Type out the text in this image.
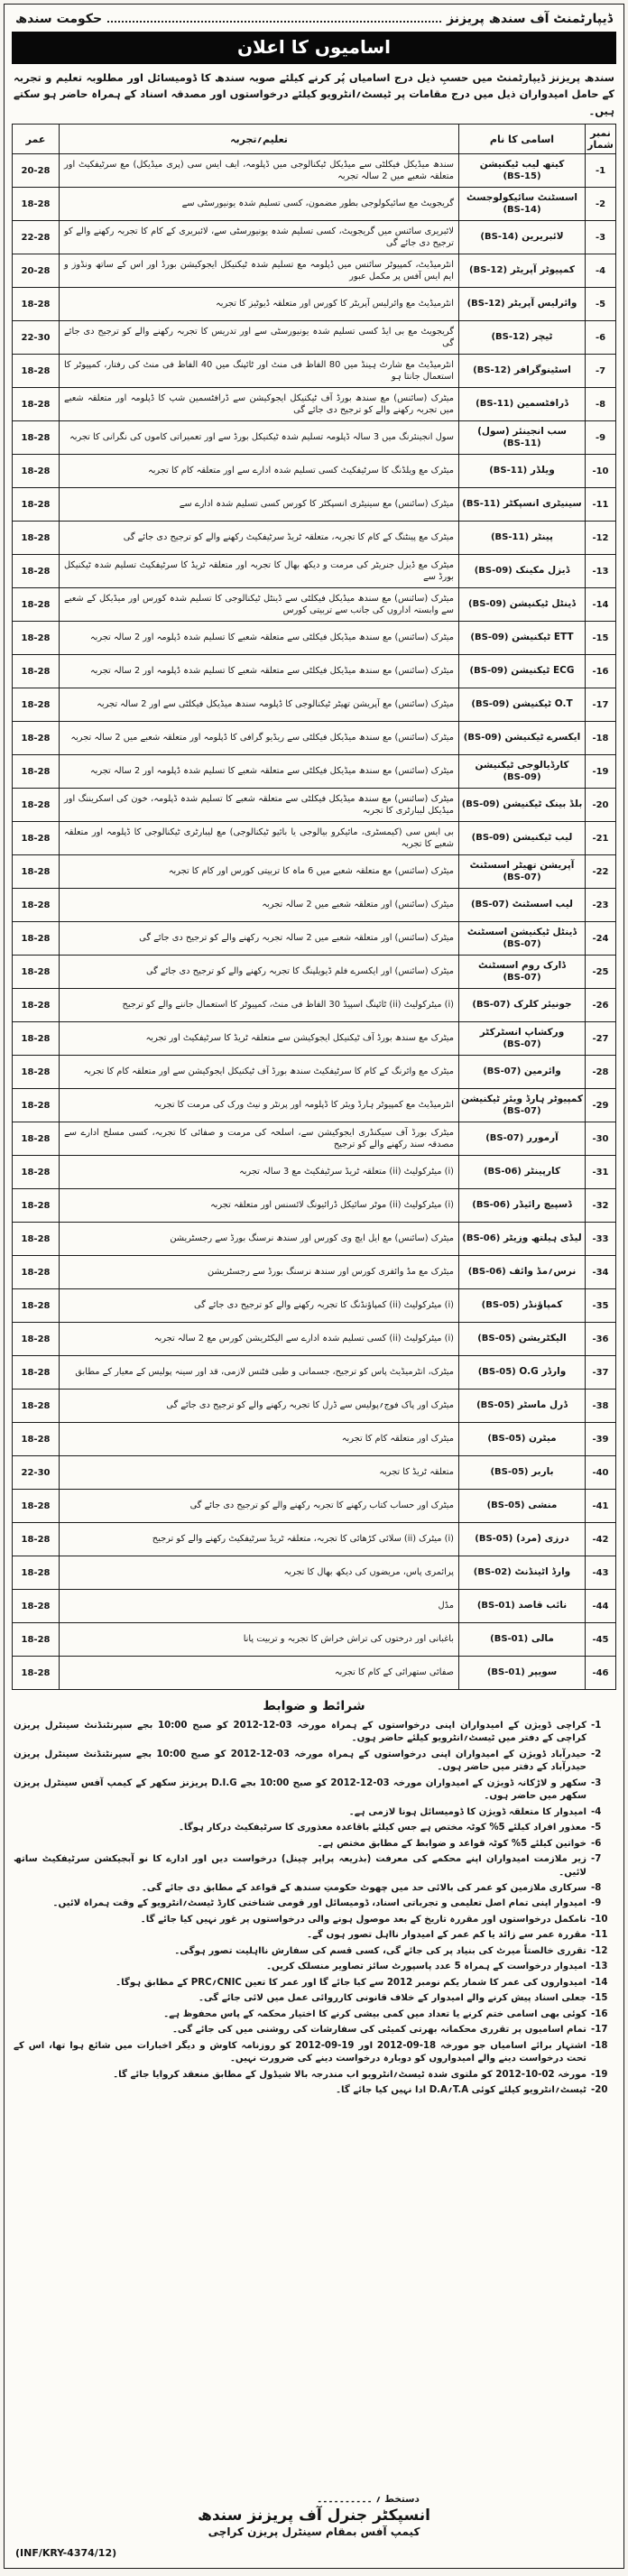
ڈیپارٹمنٹ آف سندھ پریزنز
حکومت سندھ
اسامیوں کا اعلان
سندھ پریزنز ڈیپارٹمنٹ میں حسبِ ذیل درج اسامیاں پُر کرنے کیلئے صوبہ سندھ کا ڈومیسائل اور مطلوبہ تعلیم و تجربہ کے حامل امیدواران ذیل میں درج مقامات پر ٹیسٹ؍انٹرویو کیلئے درخواستوں اور مصدقہ اسناد کے ہمراہ حاضر ہو سکتے ہیں۔
نمبر شمار	اسامی کا نام	تعلیم؍تجربہ	عمر
-1	کیتھ لیب ٹیکنیشن (BS-15)	سندھ میڈیکل فیکلٹی سے میڈیکل ٹیکنالوجی میں ڈپلومہ، ایف ایس سی (پری میڈیکل) مع سرٹیفکیٹ اور متعلقہ شعبے میں 2 سالہ تجربہ	20-28
-2	اسسٹنٹ سائیکولوجسٹ (BS-14)	گریجویٹ مع سائیکولوجی بطور مضمون، کسی تسلیم شدہ یونیورسٹی سے	18-28
-3	لائبریرین (BS-14)	لائبریری سائنس میں گریجویٹ، کسی تسلیم شدہ یونیورسٹی سے، لائبریری کے کام کا تجربہ رکھنے والے کو ترجیح دی جائے گی	22-28
-4	کمپیوٹر آپریٹر (BS-12)	انٹرمیڈیٹ، کمپیوٹر سائنس میں ڈپلومہ مع تسلیم شدہ ٹیکنیکل ایجوکیشن بورڈ اور اس کے ساتھ ونڈوز و ایم ایس آفس پر مکمل عبور	20-28
-5	وائرلیس آپریٹر (BS-12)	انٹرمیڈیٹ مع وائرلیس آپریٹر کا کورس اور متعلقہ ڈیوٹیز کا تجربہ	18-28
-6	ٹیچر (BS-12)	گریجویٹ مع بی ایڈ کسی تسلیم شدہ یونیورسٹی سے اور تدریس کا تجربہ رکھنے والے کو ترجیح دی جائے گی	22-30
-7	اسٹینوگرافر (BS-12)	انٹرمیڈیٹ مع شارٹ ہینڈ میں 80 الفاظ فی منٹ اور ٹائپنگ میں 40 الفاظ فی منٹ کی رفتار، کمپیوٹر کا استعمال جانتا ہو	18-28
-8	ڈرافٹسمین (BS-11)	میٹرک (سائنس) مع سندھ بورڈ آف ٹیکنیکل ایجوکیشن سے ڈرافٹسمین شپ کا ڈپلومہ اور متعلقہ شعبے میں تجربہ رکھنے والے کو ترجیح دی جائے گی	18-28
-9	سب انجینئر (سول) (BS-11)	سول انجینئرنگ میں 3 سالہ ڈپلومہ تسلیم شدہ ٹیکنیکل بورڈ سے اور تعمیراتی کاموں کی نگرانی کا تجربہ	18-28
-10	ویلڈر (BS-11)	میٹرک مع ویلڈنگ کا سرٹیفکیٹ کسی تسلیم شدہ ادارے سے اور متعلقہ کام کا تجربہ	18-28
-11	سینیٹری انسپکٹر (BS-11)	میٹرک (سائنس) مع سینیٹری انسپکٹر کا کورس کسی تسلیم شدہ ادارے سے	18-28
-12	پینٹر (BS-11)	میٹرک مع پینٹنگ کے کام کا تجربہ، متعلقہ ٹریڈ سرٹیفکیٹ رکھنے والے کو ترجیح دی جائے گی	18-28
-13	ڈیزل مکینک (BS-09)	میٹرک مع ڈیزل جنریٹر کی مرمت و دیکھ بھال کا تجربہ اور متعلقہ ٹریڈ کا سرٹیفکیٹ تسلیم شدہ ٹیکنیکل بورڈ سے	18-28
-14	ڈینٹل ٹیکنیشن (BS-09)	میٹرک (سائنس) مع سندھ میڈیکل فیکلٹی سے ڈینٹل ٹیکنالوجی کا تسلیم شدہ کورس اور میڈیکل کے شعبے سے وابستہ اداروں کی جانب سے تربیتی کورس	18-28
-15	ETT ٹیکنیشن (BS-09)	میٹرک (سائنس) مع سندھ میڈیکل فیکلٹی سے متعلقہ شعبے کا تسلیم شدہ ڈپلومہ اور 2 سالہ تجربہ	18-28
-16	ECG ٹیکنیشن (BS-09)	میٹرک (سائنس) مع سندھ میڈیکل فیکلٹی سے متعلقہ شعبے کا تسلیم شدہ ڈپلومہ اور 2 سالہ تجربہ	18-28
-17	O.T ٹیکنیشن (BS-09)	میٹرک (سائنس) مع آپریشن تھیٹر ٹیکنالوجی کا ڈپلومہ سندھ میڈیکل فیکلٹی سے اور 2 سالہ تجربہ	18-28
-18	ایکسرے ٹیکنیشن (BS-09)	میٹرک (سائنس) مع سندھ میڈیکل فیکلٹی سے ریڈیو گرافی کا ڈپلومہ اور متعلقہ شعبے میں 2 سالہ تجربہ	18-28
-19	کارڈیالوجی ٹیکنیشن (BS-09)	میٹرک (سائنس) مع سندھ میڈیکل فیکلٹی سے متعلقہ شعبے کا تسلیم شدہ ڈپلومہ اور 2 سالہ تجربہ	18-28
-20	بلڈ بینک ٹیکنیشن (BS-09)	میٹرک (سائنس) مع سندھ میڈیکل فیکلٹی سے متعلقہ شعبے کا تسلیم شدہ ڈپلومہ، خون کی اسکریننگ اور میڈیکل لیبارٹری کا تجربہ	18-28
-21	لیب ٹیکنیشن (BS-09)	بی ایس سی (کیمسٹری، مائیکرو بیالوجی یا بائیو ٹیکنالوجی) مع لیبارٹری ٹیکنالوجی کا ڈپلومہ اور متعلقہ شعبے کا تجربہ	18-28
-22	آپریشن تھیٹر اسسٹنٹ (BS-07)	میٹرک (سائنس) مع متعلقہ شعبے میں 6 ماہ کا تربیتی کورس اور کام کا تجربہ	18-28
-23	لیب اسسٹنٹ (BS-07)	میٹرک (سائنس) اور متعلقہ شعبے میں 2 سالہ تجربہ	18-28
-24	ڈینٹل ٹیکنیشن اسسٹنٹ (BS-07)	میٹرک (سائنس) اور متعلقہ شعبے میں 2 سالہ تجربہ رکھنے والے کو ترجیح دی جائے گی	18-28
-25	ڈارک روم اسسٹنٹ (BS-07)	میٹرک (سائنس) اور ایکسرے فلم ڈیویلپنگ کا تجربہ رکھنے والے کو ترجیح دی جائے گی	18-28
-26	جونیئر کلرک (BS-07)	(i) میٹرکولیٹ (ii) ٹائپنگ اسپیڈ 30 الفاظ فی منٹ، کمپیوٹر کا استعمال جاننے والے کو ترجیح	18-28
-27	ورکشاپ انسٹرکٹر (BS-07)	میٹرک مع سندھ بورڈ آف ٹیکنیکل ایجوکیشن سے متعلقہ ٹریڈ کا سرٹیفکیٹ اور تجربہ	18-28
-28	وائرمین (BS-07)	میٹرک مع وائرنگ کے کام کا سرٹیفکیٹ سندھ بورڈ آف ٹیکنیکل ایجوکیشن سے اور متعلقہ کام کا تجربہ	18-28
-29	کمپیوٹر ہارڈ ویئر ٹیکنیشن (BS-07)	انٹرمیڈیٹ مع کمپیوٹر ہارڈ ویئر کا ڈپلومہ اور پرنٹر و نیٹ ورک کی مرمت کا تجربہ	18-28
-30	آرمورر (BS-07)	میٹرک بورڈ آف سیکنڈری ایجوکیشن سے، اسلحہ کی مرمت و صفائی کا تجربہ، کسی مسلح ادارے سے مصدقہ سند رکھنے والے کو ترجیح	18-28
-31	کارپینٹر (BS-06)	(i) میٹرکولیٹ (ii) متعلقہ ٹریڈ سرٹیفکیٹ مع 3 سالہ تجربہ	18-28
-32	ڈسپیچ رائیڈر (BS-06)	(i) میٹرکولیٹ (ii) موٹر سائیکل ڈرائیونگ لائسنس اور متعلقہ تجربہ	18-28
-33	لیڈی ہیلتھ وزیٹر (BS-06)	میٹرک (سائنس) مع ایل ایچ وی کورس اور سندھ نرسنگ بورڈ سے رجسٹریشن	18-28
-34	نرس؍مڈ وائف (BS-06)	میٹرک مع مڈ وائفری کورس اور سندھ نرسنگ بورڈ سے رجسٹریشن	18-28
-35	کمپاؤنڈر (BS-05)	(i) میٹرکولیٹ (ii) کمپاؤنڈنگ کا تجربہ رکھنے والے کو ترجیح دی جائے گی	18-28
-36	الیکٹریشن (BS-05)	(i) میٹرکولیٹ (ii) کسی تسلیم شدہ ادارے سے الیکٹریشن کورس مع 2 سالہ تجربہ	18-28
-37	وارڈر O.G (BS-05)	میٹرک، انٹرمیڈیٹ پاس کو ترجیح، جسمانی و طبی فٹنس لازمی، قد اور سینہ پولیس کے معیار کے مطابق	18-28
-38	ڈرل ماسٹر (BS-05)	میٹرک اور پاک فوج؍پولیس سے ڈرل کا تجربہ رکھنے والے کو ترجیح دی جائے گی	18-28
-39	میٹرن (BS-05)	میٹرک اور متعلقہ کام کا تجربہ	18-28
-40	باربر (BS-05)	متعلقہ ٹریڈ کا تجربہ	22-30
-41	منشی (BS-05)	میٹرک اور حساب کتاب رکھنے کا تجربہ رکھنے والے کو ترجیح دی جائے گی	18-28
-42	درزی (مرد) (BS-05)	(i) میٹرک (ii) سلائی کڑھائی کا تجربہ، متعلقہ ٹریڈ سرٹیفکیٹ رکھنے والے کو ترجیح	18-28
-43	وارڈ اٹینڈنٹ (BS-02)	پرائمری پاس، مریضوں کی دیکھ بھال کا تجربہ	18-28
-44	نائب قاصد (BS-01)	مڈل	18-28
-45	مالی (BS-01)	باغبانی اور درختوں کی تراش خراش کا تجربہ و تربیت پانا	18-28
-46	سویپر (BS-01)	صفائی ستھرائی کے کام کا تجربہ	18-28
شرائط و ضوابط
-1
کراچی ڈویژن کے امیدواران اپنی درخواستوں کے ہمراہ مورخہ 03-12-2012 کو صبح 10:00 بجے سپرنٹنڈنٹ سینٹرل پریزن کراچی کے دفتر میں ٹیسٹ؍انٹرویو کیلئے حاضر ہوں۔
-2
حیدرآباد ڈویژن کے امیدواران اپنی درخواستوں کے ہمراہ مورخہ 03-12-2012 کو صبح 10:00 بجے سپرنٹنڈنٹ سینٹرل پریزن حیدرآباد کے دفتر میں حاضر ہوں۔
-3
سکھر و لاڑکانہ ڈویژن کے امیدواران مورخہ 03-12-2012 کو صبح 10:00 بجے D.I.G پریزنز سکھر کے کیمپ آفس سینٹرل پریزن سکھر میں حاضر ہوں۔
-4
امیدوار کا متعلقہ ڈویژن کا ڈومیسائل ہونا لازمی ہے۔
-5
معذور افراد کیلئے 5% کوٹہ مختص ہے جس کیلئے باقاعدہ معذوری کا سرٹیفکیٹ درکار ہوگا۔
-6
خواتین کیلئے 5% کوٹہ قواعد و ضوابط کے مطابق مختص ہے۔
-7
زیر ملازمت امیدواران اپنے محکمے کی معرفت (بذریعہ پراپر چینل) درخواست دیں اور ادارے کا نو آبجیکشن سرٹیفکیٹ ساتھ لائیں۔
-8
سرکاری ملازمین کو عمر کی بالائی حد میں چھوٹ حکومتِ سندھ کے قواعد کے مطابق دی جائے گی۔
-9
امیدوار اپنی تمام اصل تعلیمی و تجرباتی اسناد، ڈومیسائل اور قومی شناختی کارڈ ٹیسٹ؍انٹرویو کے وقت ہمراہ لائیں۔
-10
نامکمل درخواستوں اور مقررہ تاریخ کے بعد موصول ہونے والی درخواستوں پر غور نہیں کیا جائے گا۔
-11
مقررہ عمر سے زائد یا کم عمر کے امیدوار نااہل تصور ہوں گے۔
-12
تقرری خالصتاً میرٹ کی بنیاد پر کی جائے گی، کسی قسم کی سفارش نااہلیت تصور ہوگی۔
-13
امیدوار درخواست کے ہمراہ 5 عدد پاسپورٹ سائز تصاویر منسلک کریں۔
-14
امیدواروں کی عمر کا شمار یکم نومبر 2012 سے کیا جائے گا اور عمر کا تعین CNIC؍PRC کے مطابق ہوگا۔
-15
جعلی اسناد پیش کرنے والے امیدوار کے خلاف قانونی کارروائی عمل میں لائی جائے گی۔
-16
کوئی بھی اسامی ختم کرنے یا تعداد میں کمی بیشی کرنے کا اختیار محکمہ کے پاس محفوظ ہے۔
-17
تمام اسامیوں پر تقرری محکمانہ بھرتی کمیٹی کی سفارشات کی روشنی میں کی جائے گی۔
-18
اشتہار برائے اسامیاں جو مورخہ 18-09-2012 اور 19-09-2012 کو روزنامہ کاوش و دیگر اخبارات میں شائع ہوا تھا، اس کے تحت درخواست دینے والے امیدواروں کو دوبارہ درخواست دینے کی ضرورت نہیں۔
-19
مورخہ 02-10-2012 کو ملتوی شدہ ٹیسٹ؍انٹرویو اب مندرجہ بالا شیڈول کے مطابق منعقد کروایا جائے گا۔
-20
ٹیسٹ؍انٹرویو کیلئے کوئی T.A؍D.A ادا نہیں کیا جائے گا۔
دستخط ؍ ۔۔۔۔۔۔۔۔۔۔
انسپکٹر جنرل آف پریزنز سندھ
کیمپ آفس بمقام سینٹرل پریزن کراچی
(INF/KRY-4374/12)
